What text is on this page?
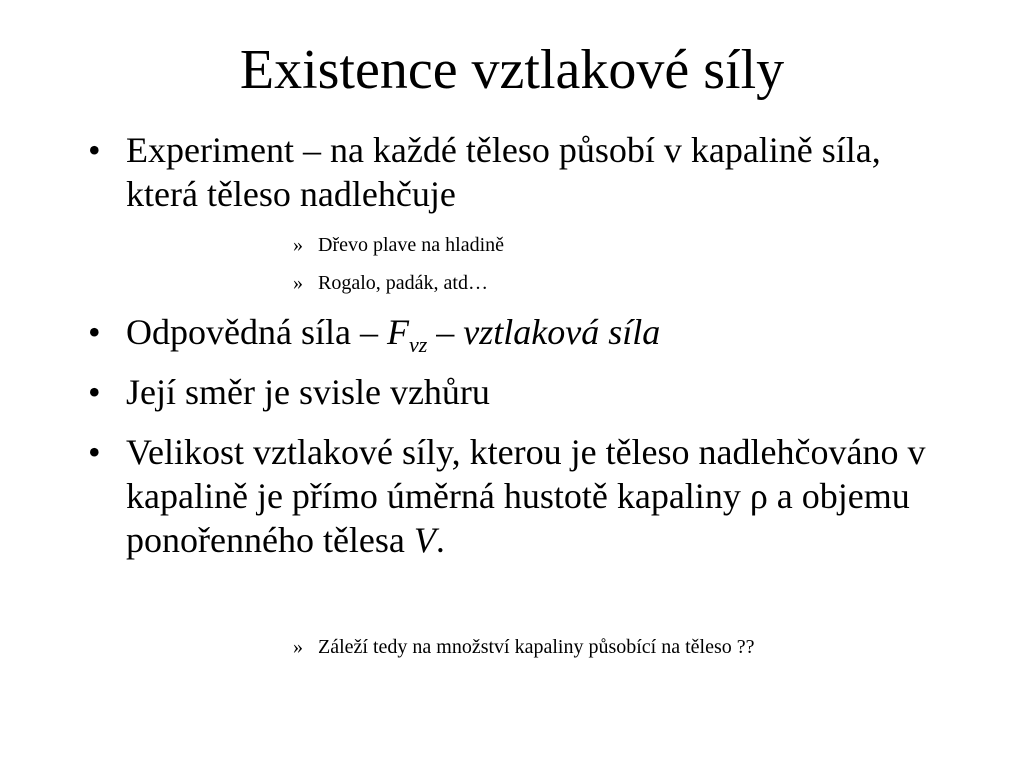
Existence vztlakové síly
• Experiment – na každé těleso působí v kapalině síla, která těleso nadlehčuje
» Dřevo plave na hladině
» Rogalo, padák, atd…
• Odpovědná síla – $F_{vz}$ – vztlaková síla
• Její směr je svisle vzhůru
• Velikost vztlakové síly, kterou je těleso nadlehčováno v kapalině je přímo úměrná hustotě kapaliny ρ a objemu ponořenného tělesa V.
» Záleží tedy na množství kapaliny působící na těleso ??
